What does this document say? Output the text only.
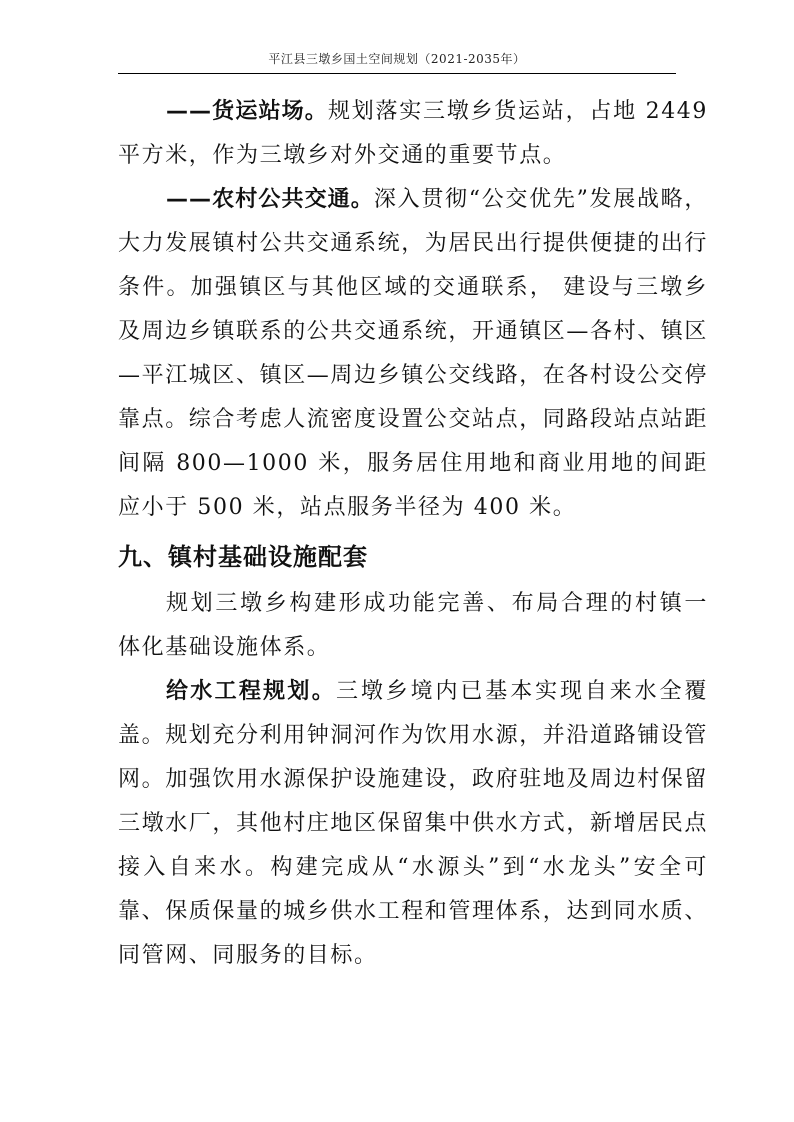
平江县三墩乡国土空间规划（2021-2035年）

——货运站场。规划落实三墩乡货运站，占地 2449 平方米，作为三墩乡对外交通的重要节点。

——农村公共交通。深入贯彻“公交优先”发展战略，大力发展镇村公共交通系统，为居民出行提供便捷的出行条件。加强镇区与其他区域的交通联系， 建设与三墩乡及周边乡镇联系的公共交通系统，开通镇区—各村、镇区—平江城区、镇区—周边乡镇公交线路，在各村设公交停靠点。综合考虑人流密度设置公交站点，同路段站点站距间隔 800—1000 米，服务居住用地和商业用地的间距应小于 500 米，站点服务半径为 400 米。

九、镇村基础设施配套

规划三墩乡构建形成功能完善、布局合理的村镇一体化基础设施体系。

给水工程规划。三墩乡境内已基本实现自来水全覆盖。规划充分利用钟洞河作为饮用水源，并沿道路铺设管网。加强饮用水源保护设施建设，政府驻地及周边村保留三墩水厂，其他村庄地区保留集中供水方式，新增居民点接入自来水。构建完成从“水源头”到“水龙头”安全可靠、保质保量的城乡供水工程和管理体系，达到同水质、同管网、同服务的目标。
